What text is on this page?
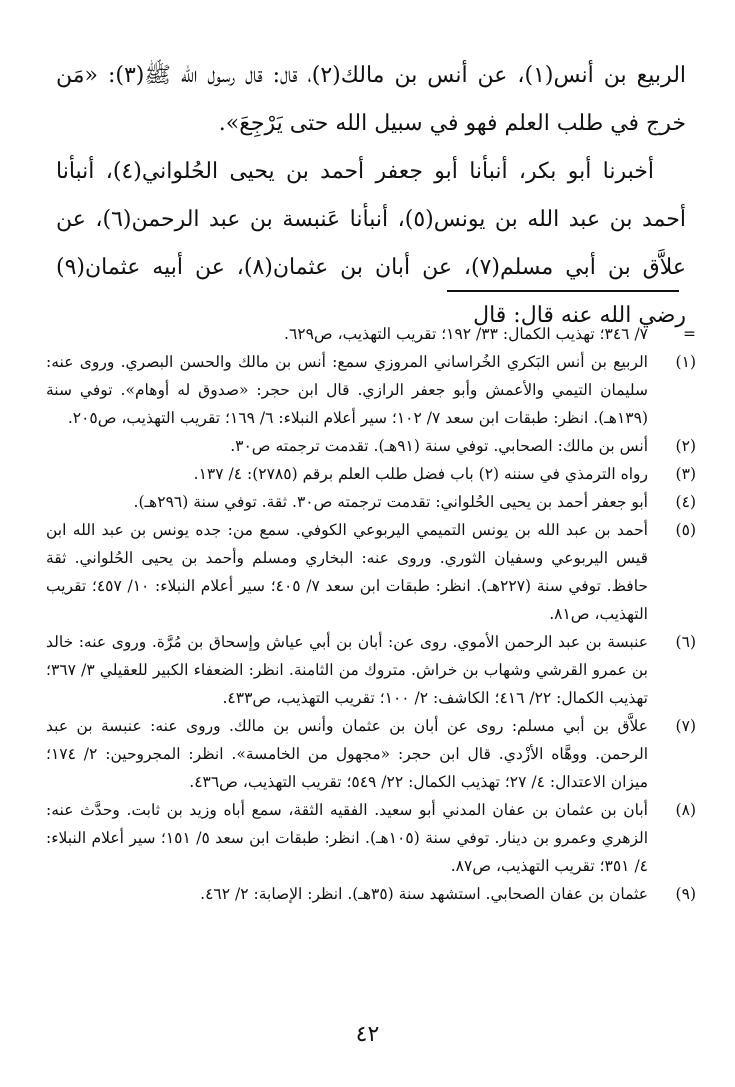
الربيع بن أنس(١)، عن أنس بن مالك(٢)، قال: قال رسول الله ﷺ(٣): «مَن خرج في طلب العلم فهو في سبيل الله حتى يَرْجِعَ».

أخبرنا أبو بكر، أنبأنا أبو جعفر أحمد بن يحيى الحُلواني(٤)، أنبأنا أحمد بن عبد الله بن يونس(٥)، أنبأنا عَنبسة بن عبد الرحمن(٦)، عن علاَّق بن أبي مسلم(٧)، عن أبان بن عثمان(٨)، عن أبيه عثمان(٩) رضي الله عنه قال: قال

=
٧/ ٣٤٦؛ تهذيب الكمال: ٣٣/ ١٩٢؛ تقريب التهذيب، ص٦٢٩.
(١)
الربيع بن أنس البَكري الخُراساني المروزي سمع: أنس بن مالك والحسن البصري. وروى عنه: سليمان التيمي والأعمش وأبو جعفر الرازي. قال ابن حجر: «صدوق له أوهام». توفي سنة (١٣٩هـ). انظر: طبقات ابن سعد ٧/ ١٠٢؛ سير أعلام النبلاء: ٦/ ١٦٩؛ تقريب التهذيب، ص٢٠٥.
(٢)
أنس بن مالك: الصحابي. توفي سنة (٩١هـ). تقدمت ترجمته ص٣٠.
(٣)
رواه الترمذي في سننه (٢) باب فضل طلب العلم برقم (٢٧٨٥): ٤/ ١٣٧.
(٤)
أبو جعفر أحمد بن يحيى الحُلواني: تقدمت ترجمته ص٣٠. ثقة. توفي سنة (٢٩٦هـ).
(٥)
أحمد بن عبد الله بن يونس التميمي اليربوعي الكوفي. سمع من: جده يونس بن عبد الله ابن قيس اليربوعي وسفيان الثوري. وروى عنه: البخاري ومسلم وأحمد بن يحيى الحُلواني. ثقة حافظ. توفي سنة (٢٢٧هـ). انظر: طبقات ابن سعد ٧/ ٤٠٥؛ سير أعلام النبلاء: ١٠/ ٤٥٧؛ تقريب التهذيب، ص٨١.
(٦)
عنبسة بن عبد الرحمن الأموي. روى عن: أبان بن أبي عياش وإسحاق بن مُرَّة. وروى عنه: خالد بن عمرو القرشي وشهاب بن خراش. متروك من الثامنة. انظر: الضعفاء الكبير للعقيلي ٣/ ٣٦٧؛ تهذيب الكمال: ٢٢/ ٤١٦؛ الكاشف: ٢/ ١٠٠؛ تقريب التهذيب، ص٤٣٣.
(٧)
علاَّق بن أبي مسلم: روى عن أبان بن عثمان وأنس بن مالك. وروى عنه: عنبسة بن عبد الرحمن. ووهَّاه الأزْدي. قال ابن حجر: «مجهول من الخامسة». انظر: المجروحين: ٢/ ١٧٤؛ ميزان الاعتدال: ٤/ ٢٧؛ تهذيب الكمال: ٢٢/ ٥٤٩؛ تقريب التهذيب، ص٤٣٦.
(٨)
أبان بن عثمان بن عفان المدني أبو سعيد. الفقيه الثقة، سمع أباه وزيد بن ثابت. وحدَّث عنه: الزهري وعمرو بن دينار. توفي سنة (١٠٥هـ). انظر: طبقات ابن سعد ٥/ ١٥١؛ سير أعلام النبلاء: ٤/ ٣٥١؛ تقريب التهذيب، ص٨٧.
(٩)
عثمان بن عفان الصحابي. استشهد سنة (٣٥هـ). انظر: الإصابة: ٢/ ٤٦٢.
٤٢
